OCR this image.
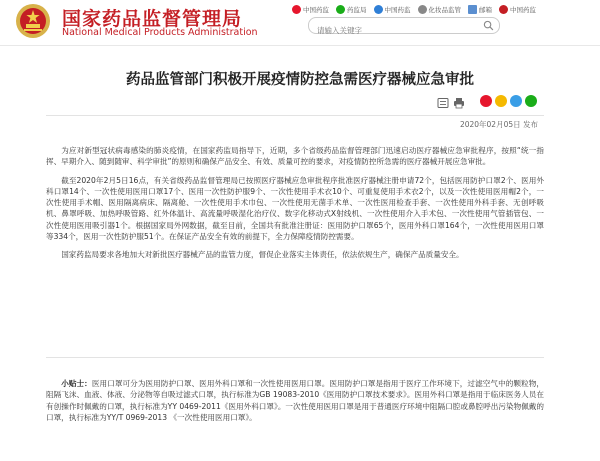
国家药品监督管理局
National Medical Products Administration
中国药监	药监局	中国药监	化妆品监管	邮箱	中国药监
请输入关键字
药品监管部门积极开展疫情防控急需医疗器械应急审批
2020年02月05日 发布

为应对新型冠状病毒感染的肺炎疫情，在国家药监局指导下，近期，多个省级药品监督管理部门迅速启动医疗器械应急审批程序，按照“统一指挥、早期介入、随到随审、科学审批”的原则和确保产品安全、有效、质量可控的要求，对疫情防控所急需的医疗器械开展应急审批。

截至2020年2月5日16点，有关省级药品监督管理局已按照医疗器械应急审批程序批准医疗器械注册申请72个，包括医用防护口罩2个、医用外科口罩14个、一次性使用医用口罩17个、医用一次性防护服9个、一次性使用手术衣10个、可重复使用手术衣2个，以及一次性使用医用帽2个，一次性使用手术帽、医用隔离病床、隔离舱、一次性使用手术巾包、一次性使用无菌手术单、一次性医用检查手套、一次性使用外科手套、无创呼吸机、鼻罩呼吸、加热呼吸管路、红外体温计、高流量呼吸湿化治疗仪、数字化移动式X射线机、一次性使用介入手术包、一次性使用气管插管包、一次性使用医用吸引器1个。根据国家局外网数据，截至目前，全国共有批准注册证：医用防护口罩65个，医用外科口罩164个，一次性使用医用口罩等334个，医用一次性防护服51个。在保证产品安全有效的前提下，全力保障疫情防控需要。

国家药监局要求各地加大对新批医疗器械产品的监管力度，督促企业落实主体责任，依法依规生产，确保产品质量安全。

小贴士：医用口罩可分为医用防护口罩、医用外科口罩和一次性使用医用口罩。医用防护口罩是指用于医疗工作环境下，过滤空气中的颗粒物，阻隔飞沫、血液、体液、分泌物等自吸过滤式口罩，执行标准为GB 19083-2010《医用防护口罩技术要求》。医用外科口罩是指用于临床医务人员在有创操作时佩戴的口罩，执行标准为YY 0469-2011《医用外科口罩》。一次性使用医用口罩是用于普通医疗环境中阻隔口腔或鼻腔呼出污染物佩戴的口罩，执行标准为YY/T 0969-2013 《一次性使用医用口罩》。
